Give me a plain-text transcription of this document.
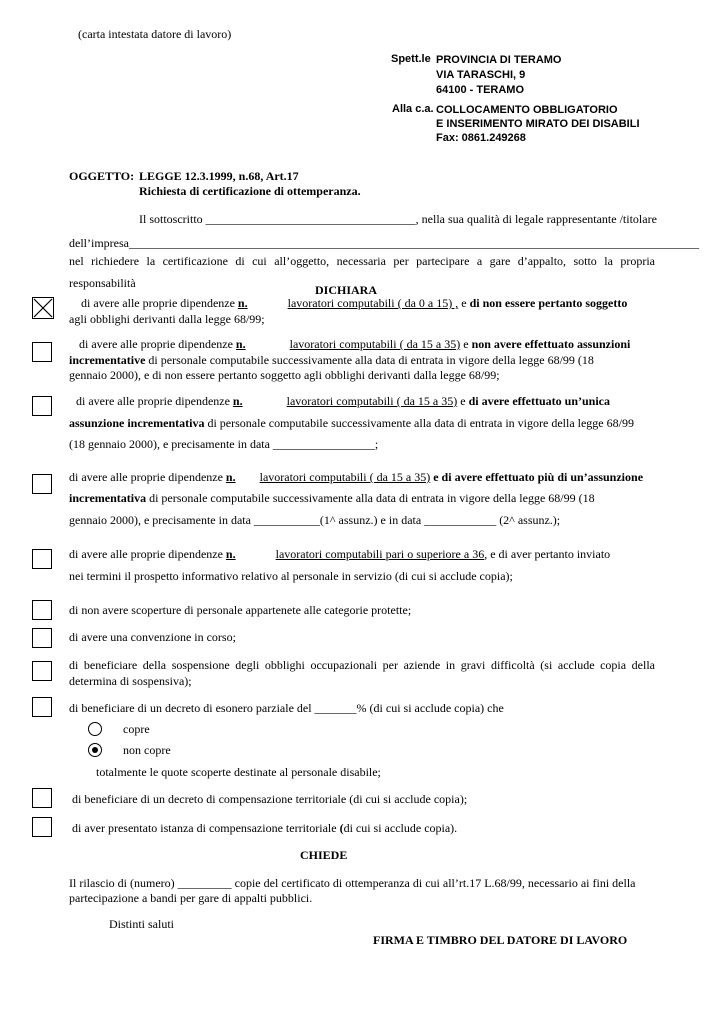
(carta intestata datore di lavoro)
Spett.le PROVINCIA DI TERAMO
VIA TARASCHI, 9
64100 - TERAMO
Alla c.a. COLLOCAMENTO OBBLIGATORIO
E INSERIMENTO MIRATO DEI DISABILI
Fax: 0861.249268
OGGETTO: LEGGE 12.3.1999, n.68, Art.17
Richiesta di certificazione di ottemperanza.
Il sottoscritto ___________________________________, nella sua qualità di legale rappresentante /titolare
dell’impresa_______________________________________________________________________________________________
nel richiedere la certificazione di cui all’oggetto, necessaria per partecipare a gare d’appalto, sotto la propria
responsabilità	DICHIARA
di avere alle proprie dipendenze n.	lavoratori computabili ( da 0 a 15) , e di non essere pertanto soggetto
agli obblighi derivanti dalla legge 68/99;
di avere alle proprie dipendenze n.	lavoratori computabili ( da 15 a 35) e non avere effettuato assunzioni
incrementative di personale computabile successivamente alla data di entrata in vigore della legge 68/99 (18
gennaio 2000), e di non essere pertanto soggetto agli obblighi derivanti dalla legge 68/99;
di avere alle proprie dipendenze n.	lavoratori computabili ( da 15 a 35) e di avere effettuato un’unica
assunzione incrementativa di personale computabile successivamente alla data di entrata in vigore della legge 68/99
(18 gennaio 2000), e precisamente in data _________________;
di avere alle proprie dipendenze n. lavoratori computabili ( da 15 a 35) e di avere effettuato più di un’assunzione
incrementativa di personale computabile successivamente alla data di entrata in vigore della legge 68/99 (18
gennaio 2000), e precisamente in data ___________(1^ assunz.) e in data ____________ (2^ assunz.);
di avere alle proprie dipendenze n.	lavoratori computabili pari o superiore a 36, e di aver pertanto inviato
nei termini il prospetto informativo relativo al personale in servizio (di cui si acclude copia);
di non avere scoperture di personale appartenete alle categorie protette;
di avere una convenzione in corso;
di beneficiare della sospensione degli obblighi occupazionali per aziende in gravi difficoltà (si acclude copia della
determina di sospensiva);
di beneficiare di un decreto di esonero parziale del _______% (di cui si acclude copia) che
copre
non copre
totalmente le quote scoperte destinate al personale disabile;
di beneficiare di un decreto di compensazione territoriale (di cui si acclude copia);
di aver presentato istanza di compensazione territoriale (di cui si acclude copia).
CHIEDE
Il rilascio di (numero) _________ copie del certificato di ottemperanza di cui all’rt.17 L.68/99, necessario ai fini della
partecipazione a bandi per gare di appalti pubblici.
Distinti saluti
FIRMA E TIMBRO DEL DATORE DI LAVORO
